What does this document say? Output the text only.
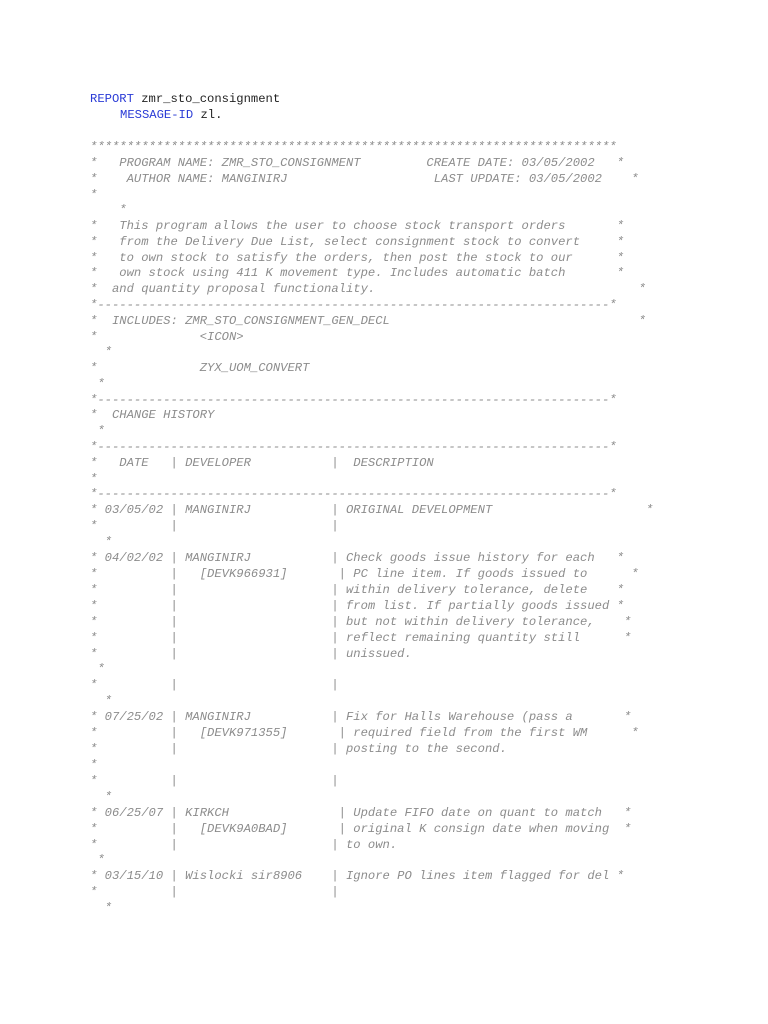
REPORT zmr_sto_consignment
MESSAGE-ID zl.
************************************************************************
*   PROGRAM NAME: ZMR_STO_CONSIGNMENT         CREATE DATE: 03/05/2002   *
*    AUTHOR NAME: MANGINIRJ                    LAST UPDATE: 03/05/2002    *
*
*
*   This program allows the user to choose stock transport orders       *
*   from the Delivery Due List, select consignment stock to convert     *
*   to own stock to satisfy the orders, then post the stock to our      *
*   own stock using 411 K movement type. Includes automatic batch       *
*  and quantity proposal functionality.                                    *
*----------------------------------------------------------------------*
*  INCLUDES: ZMR_STO_CONSIGNMENT_GEN_DECL                                  *
*              <ICON>
*
*              ZYX_UOM_CONVERT
*
*----------------------------------------------------------------------*
*  CHANGE HISTORY
*
*----------------------------------------------------------------------*
*   DATE   | DEVELOPER           |  DESCRIPTION
*
*----------------------------------------------------------------------*
* 03/05/02 | MANGINIRJ           | ORIGINAL DEVELOPMENT                     *
*          |                     |
*
* 04/02/02 | MANGINIRJ           | Check goods issue history for each   *
*          |   [DEVK966931]       | PC line item. If goods issued to      *
*          |                     | within delivery tolerance, delete    *
*          |                     | from list. If partially goods issued *
*          |                     | but not within delivery tolerance,    *
*          |                     | reflect remaining quantity still      *
*          |                     | unissued.
*
*          |                     |
*
* 07/25/02 | MANGINIRJ           | Fix for Halls Warehouse (pass a       *
*          |   [DEVK971355]       | required field from the first WM      *
*          |                     | posting to the second.
*
*          |                     |
*
* 06/25/07 | KIRKCH               | Update FIFO date on quant to match   *
*          |   [DEVK9A0BAD]       | original K consign date when moving  *
*          |                     | to own.
*
* 03/15/10 | Wislocki sir8906    | Ignore PO lines item flagged for del *
*          |                     |
*
